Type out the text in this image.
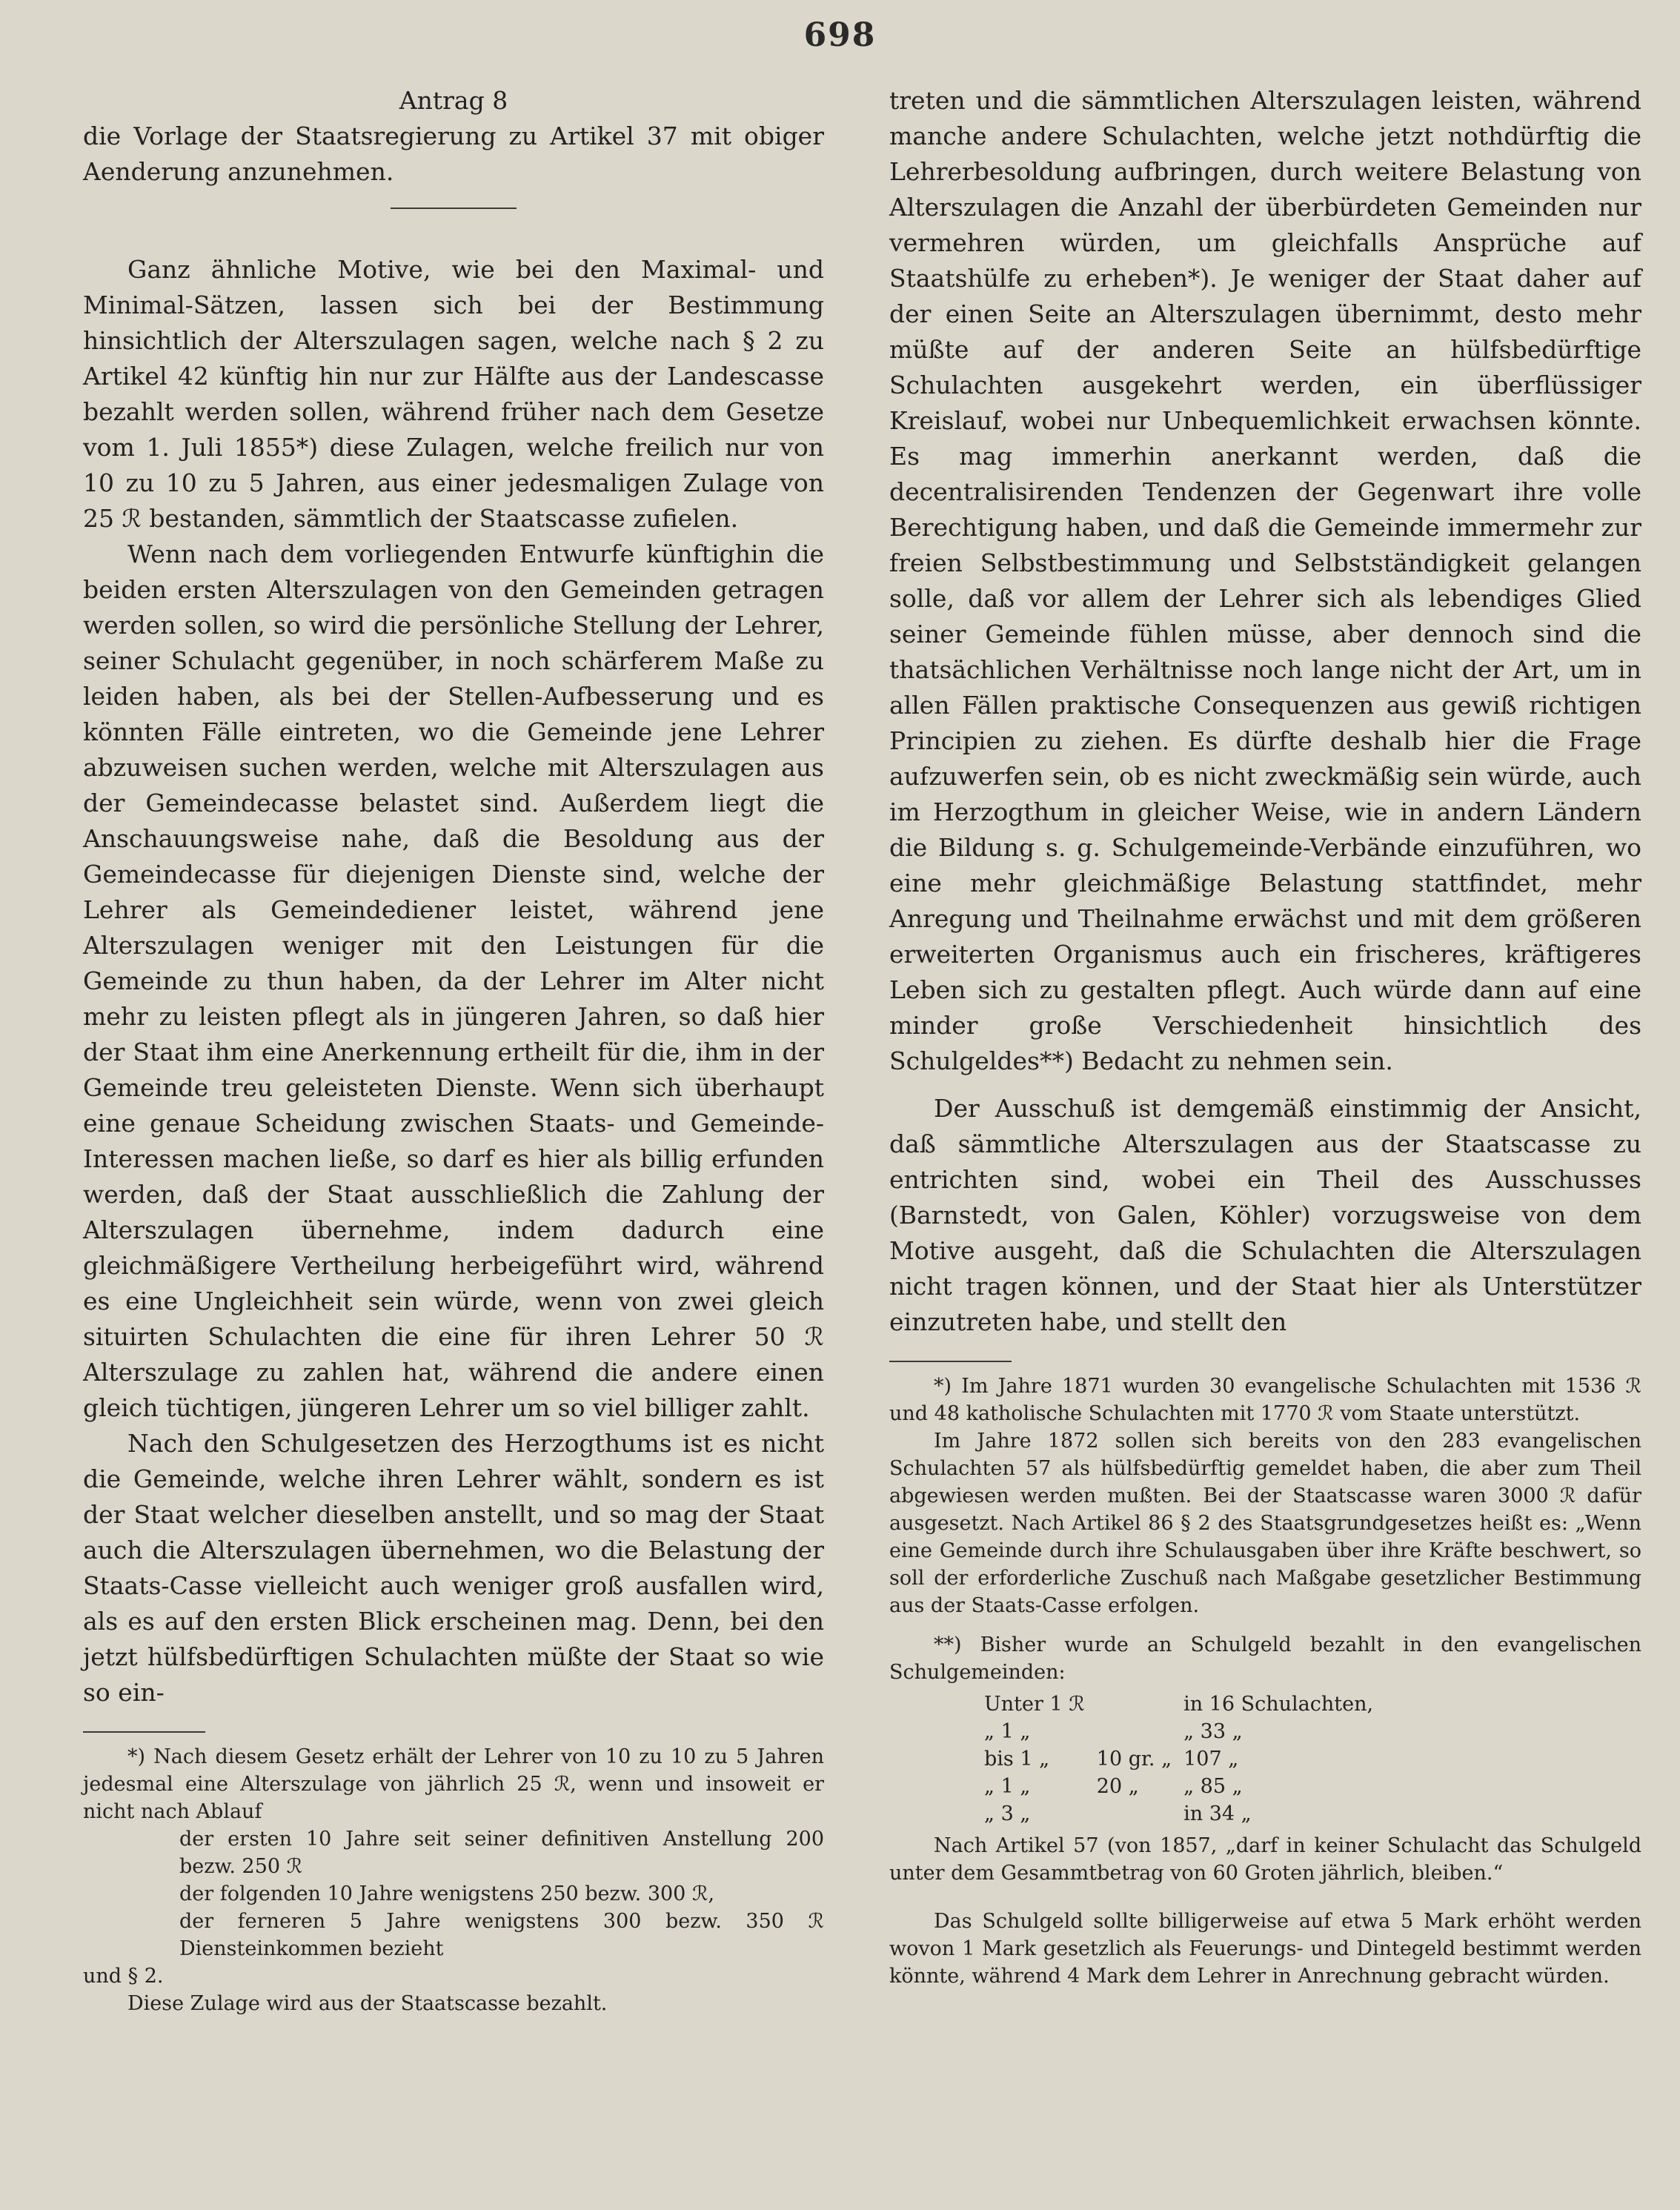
698

Antrag 8

die Vorlage der Staatsregierung zu Artikel 37 mit obiger Aenderung anzunehmen.

Ganz ähnliche Motive, wie bei den Maximal- und Minimal-Sätzen, lassen sich bei der Bestimmung hinsichtlich der Alterszulagen sagen, welche nach § 2 zu Artikel 42 künftig hin nur zur Hälfte aus der Landescasse bezahlt werden sollen, während früher nach dem Gesetze vom 1. Juli 1855*) diese Zulagen, welche freilich nur von 10 zu 10 zu 5 Jahren, aus einer jedesmaligen Zulage von 25 ℛ bestanden, sämmtlich der Staatscasse zufielen.

Wenn nach dem vorliegenden Entwurfe künftighin die beiden ersten Alterszulagen von den Gemeinden getragen werden sollen, so wird die persönliche Stellung der Lehrer, seiner Schulacht gegenüber, in noch schärferem Maße zu leiden haben, als bei der Stellen-Aufbesserung und es könnten Fälle eintreten, wo die Gemeinde jene Lehrer abzuweisen suchen werden, welche mit Alterszulagen aus der Gemeindecasse belastet sind. Außerdem liegt die Anschauungsweise nahe, daß die Besoldung aus der Gemeindecasse für diejenigen Dienste sind, welche der Lehrer als Gemeindediener leistet, während jene Alterszulagen weniger mit den Leistungen für die Gemeinde zu thun haben, da der Lehrer im Alter nicht mehr zu leisten pflegt als in jüngeren Jahren, so daß hier der Staat ihm eine Anerkennung ertheilt für die, ihm in der Gemeinde treu geleisteten Dienste. Wenn sich überhaupt eine genaue Scheidung zwischen Staats- und Gemeinde-Interessen machen ließe, so darf es hier als billig erfunden werden, daß der Staat ausschließlich die Zahlung der Alterszulagen übernehme, indem dadurch eine gleichmäßigere Vertheilung herbeigeführt wird, während es eine Ungleichheit sein würde, wenn von zwei gleich situirten Schulachten die eine für ihren Lehrer 50 ℛ Alterszulage zu zahlen hat, während die andere einen gleich tüchtigen, jüngeren Lehrer um so viel billiger zahlt.

Nach den Schulgesetzen des Herzogthums ist es nicht die Gemeinde, welche ihren Lehrer wählt, sondern es ist der Staat welcher dieselben anstellt, und so mag der Staat auch die Alterszulagen übernehmen, wo die Belastung der Staats-Casse vielleicht auch weniger groß ausfallen wird, als es auf den ersten Blick erscheinen mag. Denn, bei den jetzt hülfsbedürftigen Schulachten müßte der Staat so wie so ein-

*) Nach diesem Gesetz erhält der Lehrer von 10 zu 10 zu 5 Jahren jedesmal eine Alterszulage von jährlich 25 ℛ, wenn und insoweit er nicht nach Ablauf

der ersten 10 Jahre seit seiner definitiven Anstellung 200 bezw. 250 ℛ

der folgenden 10 Jahre wenigstens 250 bezw. 300 ℛ,

der ferneren 5 Jahre wenigstens 300 bezw. 350 ℛ Diensteinkommen bezieht

und § 2.

Diese Zulage wird aus der Staatscasse bezahlt.

treten und die sämmtlichen Alterszulagen leisten, während manche andere Schulachten, welche jetzt nothdürftig die Lehrerbesoldung aufbringen, durch weitere Belastung von Alterszulagen die Anzahl der überbürdeten Gemeinden nur vermehren würden, um gleichfalls Ansprüche auf Staatshülfe zu erheben*). Je weniger der Staat daher auf der einen Seite an Alterszulagen übernimmt, desto mehr müßte auf der anderen Seite an hülfsbedürftige Schulachten ausgekehrt werden, ein überflüssiger Kreislauf, wobei nur Unbequemlichkeit erwachsen könnte. Es mag immerhin anerkannt werden, daß die decentralisirenden Tendenzen der Gegenwart ihre volle Berechtigung haben, und daß die Gemeinde immermehr zur freien Selbstbestimmung und Selbstständigkeit gelangen solle, daß vor allem der Lehrer sich als lebendiges Glied seiner Gemeinde fühlen müsse, aber dennoch sind die thatsächlichen Verhältnisse noch lange nicht der Art, um in allen Fällen praktische Consequenzen aus gewiß richtigen Principien zu ziehen. Es dürfte deshalb hier die Frage aufzuwerfen sein, ob es nicht zweckmäßig sein würde, auch im Herzogthum in gleicher Weise, wie in andern Ländern die Bildung s. g. Schulgemeinde-Verbände einzuführen, wo eine mehr gleichmäßige Belastung stattfindet, mehr Anregung und Theilnahme erwächst und mit dem größeren erweiterten Organismus auch ein frischeres, kräftigeres Leben sich zu gestalten pflegt. Auch würde dann auf eine minder große Verschiedenheit hinsichtlich des Schulgeldes**) Bedacht zu nehmen sein.

Der Ausschuß ist demgemäß einstimmig der Ansicht, daß sämmtliche Alterszulagen aus der Staatscasse zu entrichten sind, wobei ein Theil des Ausschusses (Barnstedt, von Galen, Köhler) vorzugsweise von dem Motive ausgeht, daß die Schulachten die Alterszulagen nicht tragen können, und der Staat hier als Unterstützer einzutreten habe, und stellt den

*) Im Jahre 1871 wurden 30 evangelische Schulachten mit 1536 ℛ und 48 katholische Schulachten mit 1770 ℛ vom Staate unterstützt.

Im Jahre 1872 sollen sich bereits von den 283 evangelischen Schulachten 57 als hülfsbedürftig gemeldet haben, die aber zum Theil abgewiesen werden mußten. Bei der Staatscasse waren 3000 ℛ dafür ausgesetzt. Nach Artikel 86 § 2 des Staatsgrundgesetzes heißt es: „Wenn eine Gemeinde durch ihre Schulausgaben über ihre Kräfte beschwert, so soll der erforderliche Zuschuß nach Maßgabe gesetzlicher Bestimmung aus der Staats-Casse erfolgen.

**) Bisher wurde an Schulgeld bezahlt in den evangelischen Schulgemeinden:

Unter 1 ℛ		in 16 Schulachten,
„ 1 „		„ 33 „
bis 1 „	10 gr. „	107 „
„ 1 „	20 „	„ 85 „
„ 3 „		in 34 „

Nach Artikel 57 (von 1857, „darf in keiner Schulacht das Schulgeld unter dem Gesammtbetrag von 60 Groten jährlich, bleiben.“

Das Schulgeld sollte billigerweise auf etwa 5 Mark erhöht werden wovon 1 Mark gesetzlich als Feuerungs- und Dintegeld bestimmt werden könnte, während 4 Mark dem Lehrer in Anrechnung gebracht würden.
